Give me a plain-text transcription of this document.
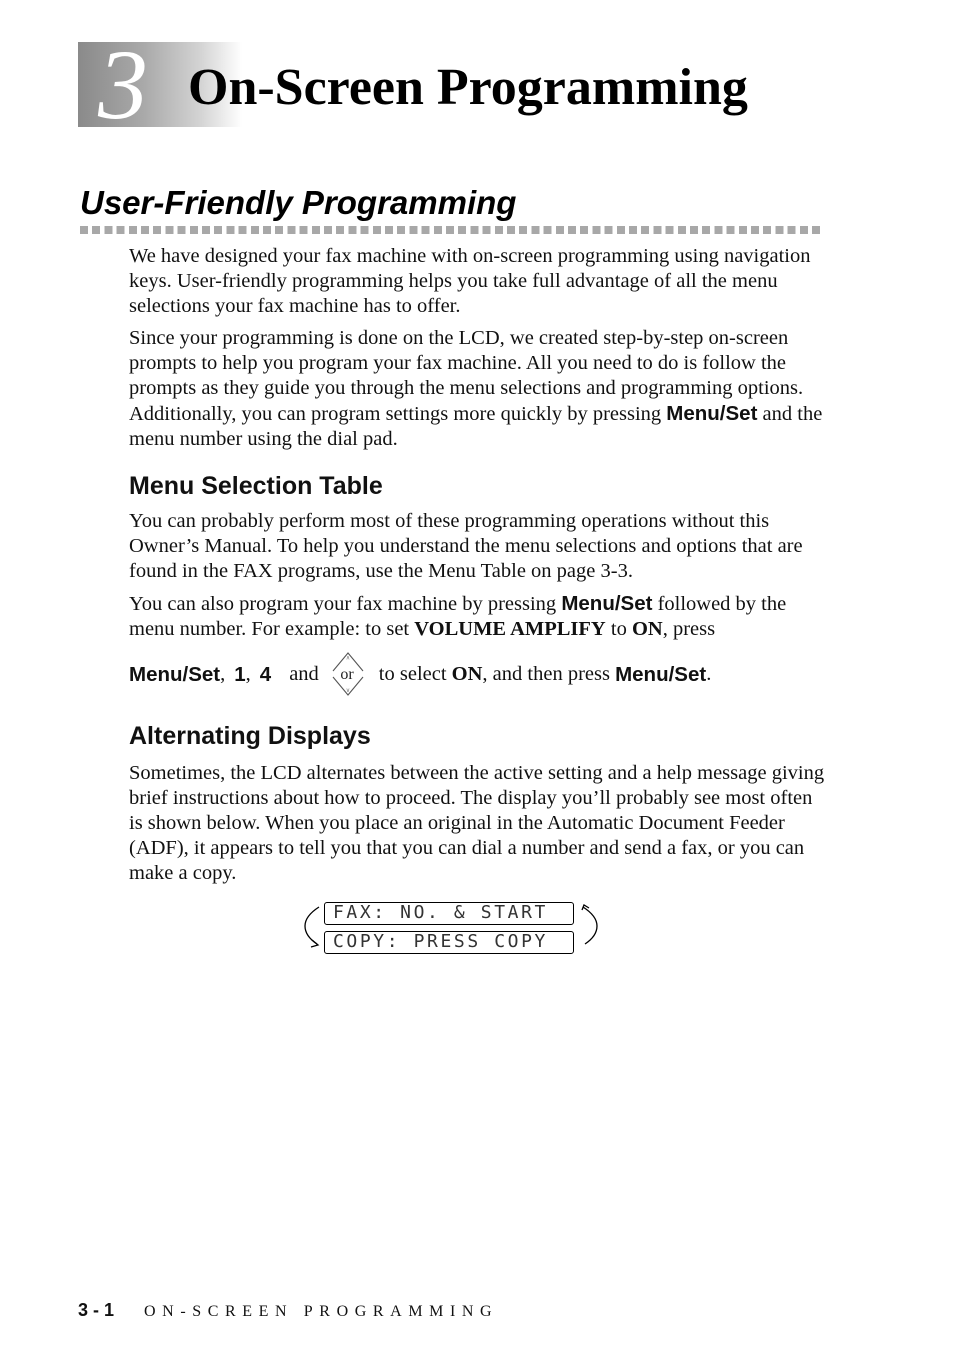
3 On-Screen Programming
User-Friendly Programming

We have designed your fax machine with on-screen programming using navigation keys. User-friendly programming helps you take full advantage of all the menu selections your fax machine has to offer.

Since your programming is done on the LCD, we created step-by-step on-screen prompts to help you program your fax machine. All you need to do is follow the prompts as they guide you through the menu selections and programming options. Additionally, you can program settings more quickly by pressing Menu/Set and the menu number using the dial pad.

Menu Selection Table

You can probably perform most of these programming operations without this Owner’s Manual. To help you understand the menu selections and options that are found in the FAX programs, use the Menu Table on page 3-3.

You can also program your fax machine by pressing Menu/Set followed by the menu number. For example: to set VOLUME AMPLIFY to ON, press

Menu/Set , 1 , 4 and
∧
∨
or to select
ON , and then press
Menu/Set .
Alternating Displays

Sometimes, the LCD alternates between the active setting and a help message giving brief instructions about how to proceed. The display you’ll probably see most often is shown below. When you place an original in the Automatic Document Feeder (ADF), it appears to tell you that you can dial a number and send a fax, or you can make a copy.

FAX: NO. & START
COPY: PRESS COPY
3 - 1 ON-SCREEN PROGRAMMING
